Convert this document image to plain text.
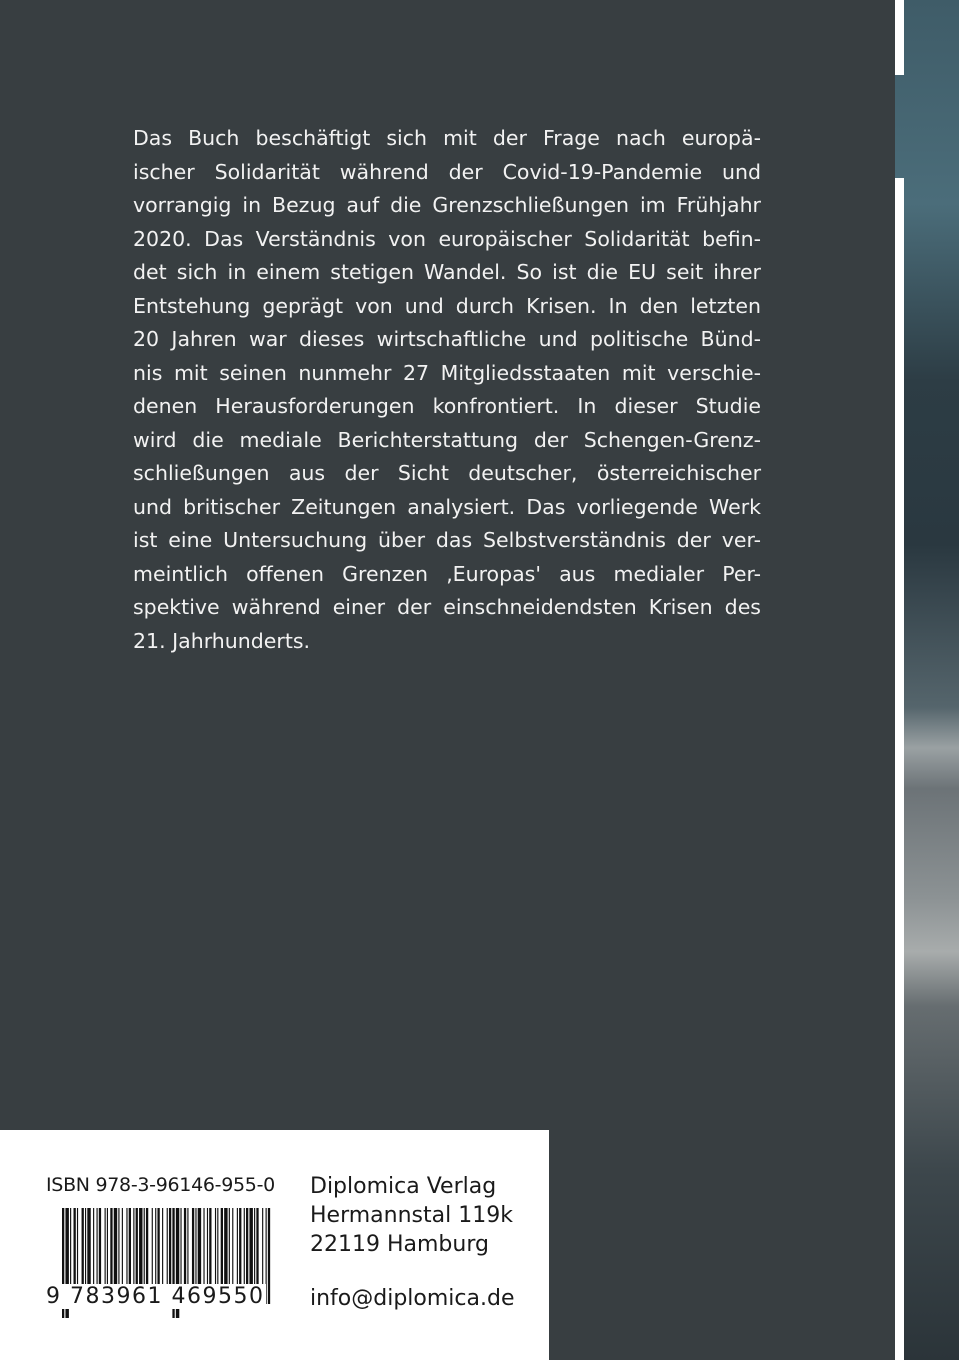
Das Buch beschäftigt sich mit der Frage nach europä-
ischer Solidarität während der Covid-19-Pandemie und
vorrangig in Bezug auf die Grenzschließungen im Frühjahr
2020. Das Verständnis von europäischer Solidarität befin-
det sich in einem stetigen Wandel. So ist die EU seit ihrer
Entstehung geprägt von und durch Krisen. In den letzten
20 Jahren war dieses wirtschaftliche und politische Bünd-
nis mit seinen nunmehr 27 Mitgliedsstaaten mit verschie-
denen Herausforderungen konfrontiert. In dieser Studie
wird die mediale Berichterstattung der Schengen-Grenz-
schließungen aus der Sicht deutscher, österreichischer
und britischer Zeitungen analysiert. Das vorliegende Werk
ist eine Untersuchung über das Selbstverständnis der ver-
meintlich offenen Grenzen ‚Europas' aus medialer Per-
spektive während einer der einschneidendsten Krisen des
21. Jahrhunderts.
ISBN 978-3-96146-955-0
9 783961 469550
Diplomica Verlag
Hermannstal 119k
22119 Hamburg
info@diplomica.de
